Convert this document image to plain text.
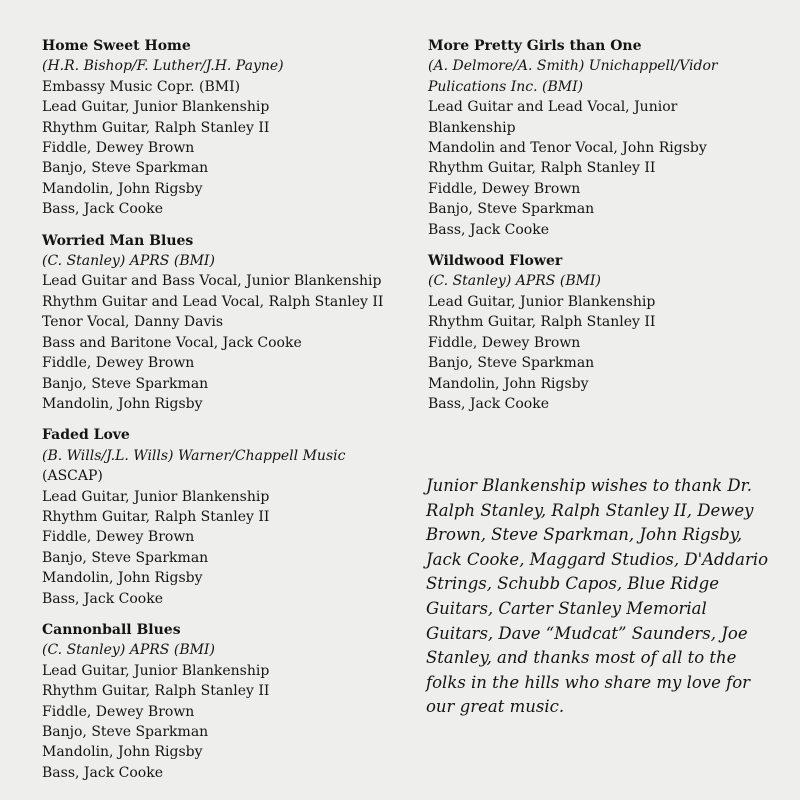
Home Sweet Home
(H.R. Bishop/F. Luther/J.H. Payne)
Embassy Music Copr. (BMI)
Lead Guitar, Junior Blankenship
Rhythm Guitar, Ralph Stanley II
Fiddle, Dewey Brown
Banjo, Steve Sparkman
Mandolin, John Rigsby
Bass, Jack Cooke
Worried Man Blues
(C. Stanley) APRS (BMI)
Lead Guitar and Bass Vocal, Junior Blankenship
Rhythm Guitar and Lead Vocal, Ralph Stanley II
Tenor Vocal, Danny Davis
Bass and Baritone Vocal, Jack Cooke
Fiddle, Dewey Brown
Banjo, Steve Sparkman
Mandolin, John Rigsby
Faded Love
(B. Wills/J.L. Wills) Warner/Chappell Music
(ASCAP)
Lead Guitar, Junior Blankenship
Rhythm Guitar, Ralph Stanley II
Fiddle, Dewey Brown
Banjo, Steve Sparkman
Mandolin, John Rigsby
Bass, Jack Cooke
Cannonball Blues
(C. Stanley) APRS (BMI)
Lead Guitar, Junior Blankenship
Rhythm Guitar, Ralph Stanley II
Fiddle, Dewey Brown
Banjo, Steve Sparkman
Mandolin, John Rigsby
Bass, Jack Cooke
More Pretty Girls than One
(A. Delmore/A. Smith) Unichappell/Vidor
Pulications Inc. (BMI)
Lead Guitar and Lead Vocal, Junior
Blankenship
Mandolin and Tenor Vocal, John Rigsby
Rhythm Guitar, Ralph Stanley II
Fiddle, Dewey Brown
Banjo, Steve Sparkman
Bass, Jack Cooke
Wildwood Flower
(C. Stanley) APRS (BMI)
Lead Guitar, Junior Blankenship
Rhythm Guitar, Ralph Stanley II
Fiddle, Dewey Brown
Banjo, Steve Sparkman
Mandolin, John Rigsby
Bass, Jack Cooke

Junior Blankenship wishes to thank Dr. Ralph Stanley, Ralph Stanley II, Dewey Brown, Steve Sparkman, John Rigsby, Jack Cooke, Maggard Studios, D'Addario Strings, Schubb Capos, Blue Ridge Guitars, Carter Stanley Memorial Guitars, Dave “Mudcat” Saunders, Joe Stanley, and thanks most of all to the folks in the hills who share my love for our great music.
